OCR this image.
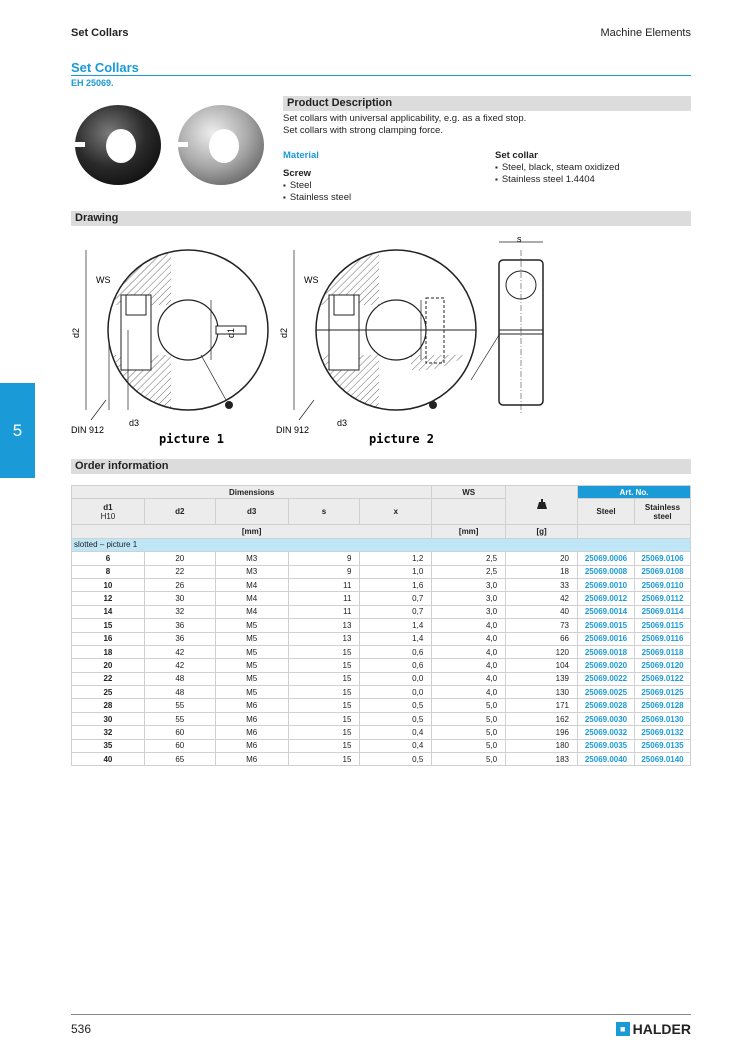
Set Collars	Machine Elements
Set Collars
EH 25069.
Product Description
Set collars with universal applicability, e.g. as a fixed stop.
Set collars with strong clamping force.
Material
Screw
▪ Steel
▪ Stainless steel
Set collar
▪ Steel, black, steam oxidized
▪ Stainless steel 1.4404
Drawing
WS
d2	d1
d3
DIN 912
picture 1
WS
d2
d3
DIN 912
picture 2
s
5
Order information
Dimensions					WS		Art. No.	
d1
H10	d2	d3	s	x			Steel	Stainless steel
[mm]					[mm]	[g]		
slotted – picture 1								
6	20	M3	9	1,2	2,5	20	25069.0006	25069.0106
8	22	M3	9	1,0	2,5	18	25069.0008	25069.0108
10	26	M4	11	1,6	3,0	33	25069.0010	25069.0110
12	30	M4	11	0,7	3,0	42	25069.0012	25069.0112
14	32	M4	11	0,7	3,0	40	25069.0014	25069.0114
15	36	M5	13	1,4	4,0	73	25069.0015	25069.0115
16	36	M5	13	1,4	4,0	66	25069.0016	25069.0116
18	42	M5	15	0,6	4,0	120	25069.0018	25069.0118
20	42	M5	15	0,6	4,0	104	25069.0020	25069.0120
22	48	M5	15	0,0	4,0	139	25069.0022	25069.0122
25	48	M5	15	0,0	4,0	130	25069.0025	25069.0125
28	55	M6	15	0,5	5,0	171	25069.0028	25069.0128
30	55	M6	15	0,5	5,0	162	25069.0030	25069.0130
32	60	M6	15	0,4	5,0	196	25069.0032	25069.0132
35	60	M6	15	0,4	5,0	180	25069.0035	25069.0135
40	65	M6	15	0,5	5,0	183	25069.0040	25069.0140
536	■ HALDER
